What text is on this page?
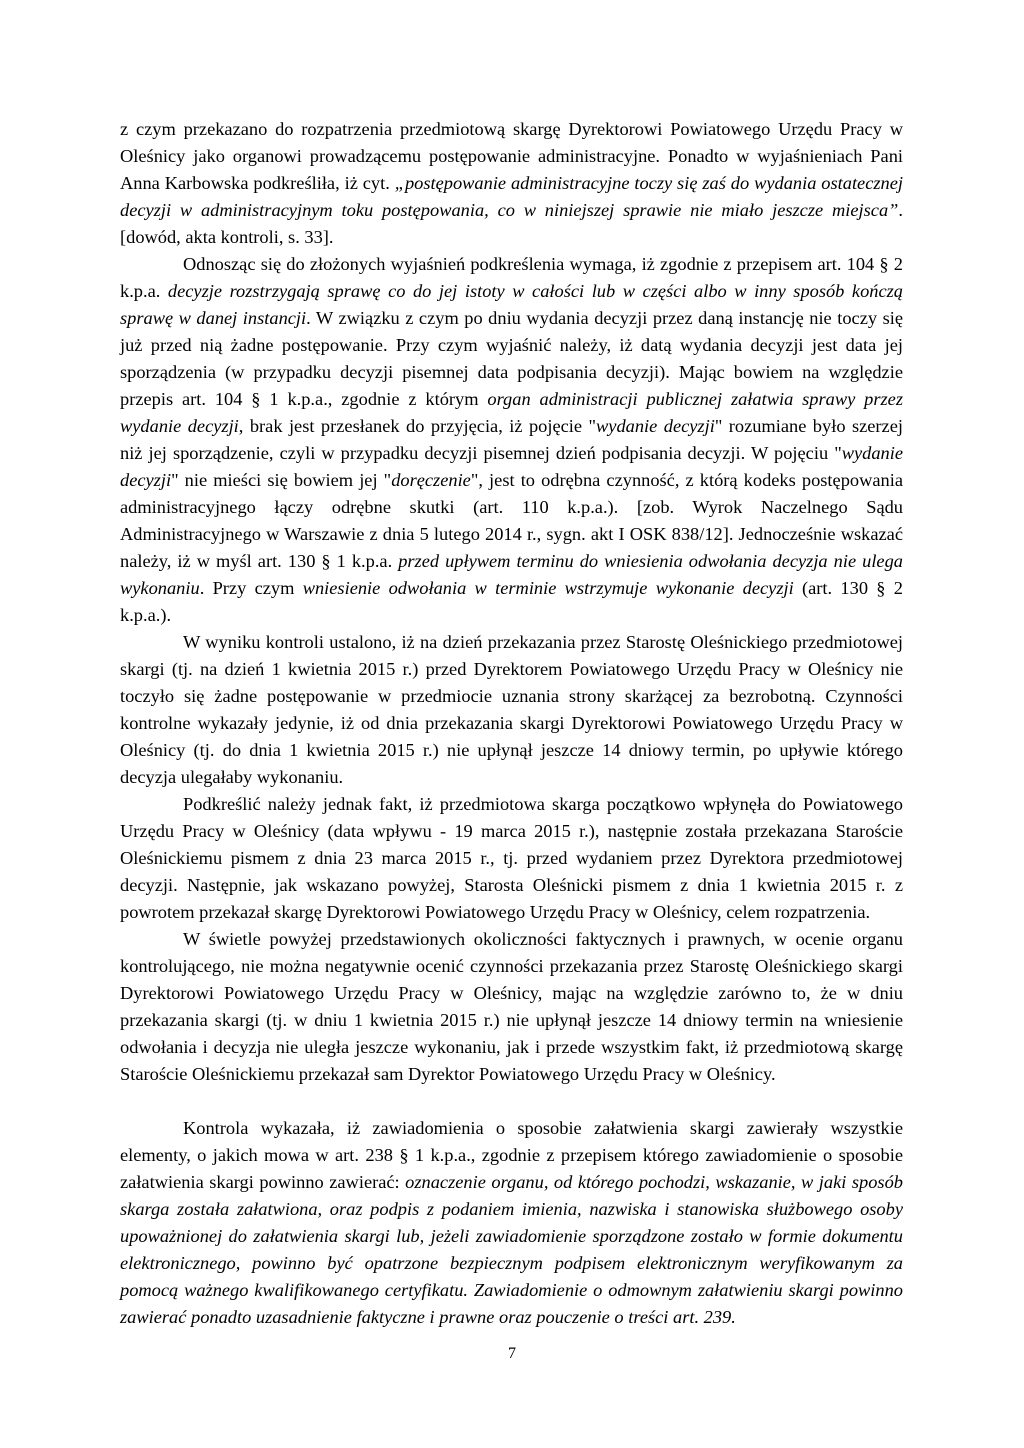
z czym przekazano do rozpatrzenia przedmiotową skargę Dyrektorowi Powiatowego Urzędu Pracy w Oleśnicy jako organowi prowadzącemu postępowanie administracyjne. Ponadto w wyjaśnieniach Pani Anna Karbowska podkreśliła, iż cyt. „postępowanie administracyjne toczy się zaś do wydania ostatecznej decyzji w administracyjnym toku postępowania, co w niniejszej sprawie nie miało jeszcze miejsca”. [dowód, akta kontroli, s. 33].

Odnosząc się do złożonych wyjaśnień podkreślenia wymaga, iż zgodnie z przepisem art. 104 § 2 k.p.a. decyzje rozstrzygają sprawę co do jej istoty w całości lub w części albo w inny sposób kończą sprawę w danej instancji. W związku z czym po dniu wydania decyzji przez daną instancję nie toczy się już przed nią żadne postępowanie. Przy czym wyjaśnić należy, iż datą wydania decyzji jest data jej sporządzenia (w przypadku decyzji pisemnej data podpisania decyzji). Mając bowiem na względzie przepis art. 104 § 1 k.p.a., zgodnie z którym organ administracji publicznej załatwia sprawy przez wydanie decyzji, brak jest przesłanek do przyjęcia, iż pojęcie "wydanie decyzji" rozumiane było szerzej niż jej sporządzenie, czyli w przypadku decyzji pisemnej dzień podpisania decyzji. W pojęciu "wydanie decyzji" nie mieści się bowiem jej "doręczenie", jest to odrębna czynność, z którą kodeks postępowania administracyjnego łączy odrębne skutki (art. 110 k.p.a.). [zob. Wyrok Naczelnego Sądu Administracyjnego w Warszawie z dnia 5 lutego 2014 r., sygn. akt I OSK 838/12]. Jednocześnie wskazać należy, iż w myśl art. 130 § 1 k.p.a. przed upływem terminu do wniesienia odwołania decyzja nie ulega wykonaniu. Przy czym wniesienie odwołania w terminie wstrzymuje wykonanie decyzji (art. 130 § 2 k.p.a.).

W wyniku kontroli ustalono, iż na dzień przekazania przez Starostę Oleśnickiego przedmiotowej skargi (tj. na dzień 1 kwietnia 2015 r.) przed Dyrektorem Powiatowego Urzędu Pracy w Oleśnicy nie toczyło się żadne postępowanie w przedmiocie uznania strony skarżącej za bezrobotną. Czynności kontrolne wykazały jedynie, iż od dnia przekazania skargi Dyrektorowi Powiatowego Urzędu Pracy w Oleśnicy (tj. do dnia 1 kwietnia 2015 r.) nie upłynął jeszcze 14 dniowy termin, po upływie którego decyzja ulegałaby wykonaniu.

Podkreślić należy jednak fakt, iż przedmiotowa skarga początkowo wpłynęła do Powiatowego Urzędu Pracy w Oleśnicy (data wpływu - 19 marca 2015 r.), następnie została przekazana Staroście Oleśnickiemu pismem z dnia 23 marca 2015 r., tj. przed wydaniem przez Dyrektora przedmiotowej decyzji. Następnie, jak wskazano powyżej, Starosta Oleśnicki pismem z dnia 1 kwietnia 2015 r. z powrotem przekazał skargę Dyrektorowi Powiatowego Urzędu Pracy w Oleśnicy, celem rozpatrzenia.

W świetle powyżej przedstawionych okoliczności faktycznych i prawnych, w ocenie organu kontrolującego, nie można negatywnie ocenić czynności przekazania przez Starostę Oleśnickiego skargi Dyrektorowi Powiatowego Urzędu Pracy w Oleśnicy, mając na względzie zarówno to, że w dniu przekazania skargi (tj. w dniu 1 kwietnia 2015 r.) nie upłynął jeszcze 14 dniowy termin na wniesienie odwołania i decyzja nie uległa jeszcze wykonaniu, jak i przede wszystkim fakt, iż przedmiotową skargę Staroście Oleśnickiemu przekazał sam Dyrektor Powiatowego Urzędu Pracy w Oleśnicy.

Kontrola wykazała, iż zawiadomienia o sposobie załatwienia skargi zawierały wszystkie elementy, o jakich mowa w art. 238 § 1 k.p.a., zgodnie z przepisem którego zawiadomienie o sposobie załatwienia skargi powinno zawierać: oznaczenie organu, od którego pochodzi, wskazanie, w jaki sposób skarga została załatwiona, oraz podpis z podaniem imienia, nazwiska i stanowiska służbowego osoby upoważnionej do załatwienia skargi lub, jeżeli zawiadomienie sporządzone zostało w formie dokumentu elektronicznego, powinno być opatrzone bezpiecznym podpisem elektronicznym weryfikowanym za pomocą ważnego kwalifikowanego certyfikatu. Zawiadomienie o odmownym załatwieniu skargi powinno zawierać ponadto uzasadnienie faktyczne i prawne oraz pouczenie o treści art. 239.

7
